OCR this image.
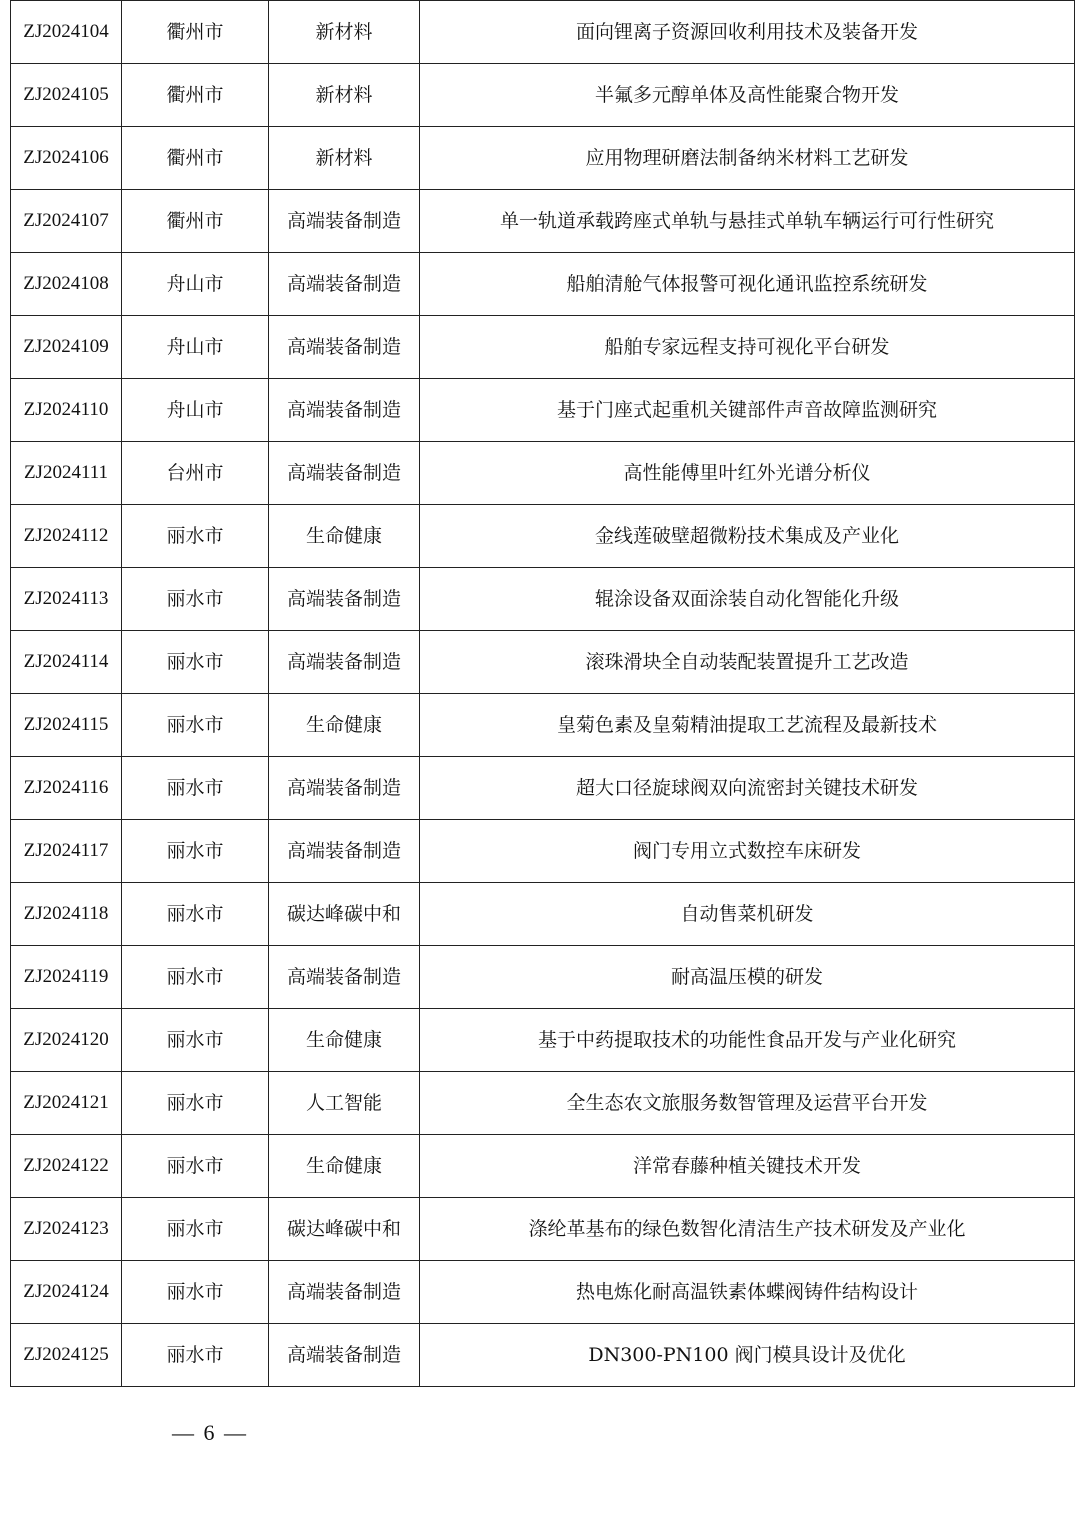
ZJ2024104	衢州市	新材料	面向锂离子资源回收利用技术及装备开发
ZJ2024105	衢州市	新材料	半氟多元醇单体及高性能聚合物开发
ZJ2024106	衢州市	新材料	应用物理研磨法制备纳米材料工艺研发
ZJ2024107	衢州市	高端装备制造	单一轨道承载跨座式单轨与悬挂式单轨车辆运行可行性研究
ZJ2024108	舟山市	高端装备制造	船舶清舱气体报警可视化通讯监控系统研发
ZJ2024109	舟山市	高端装备制造	船舶专家远程支持可视化平台研发
ZJ2024110	舟山市	高端装备制造	基于门座式起重机关键部件声音故障监测研究
ZJ2024111	台州市	高端装备制造	高性能傅里叶红外光谱分析仪
ZJ2024112	丽水市	生命健康	金线莲破壁超微粉技术集成及产业化
ZJ2024113	丽水市	高端装备制造	辊涂设备双面涂装自动化智能化升级
ZJ2024114	丽水市	高端装备制造	滚珠滑块全自动装配装置提升工艺改造
ZJ2024115	丽水市	生命健康	皇菊色素及皇菊精油提取工艺流程及最新技术
ZJ2024116	丽水市	高端装备制造	超大口径旋球阀双向流密封关键技术研发
ZJ2024117	丽水市	高端装备制造	阀门专用立式数控车床研发
ZJ2024118	丽水市	碳达峰碳中和	自动售菜机研发
ZJ2024119	丽水市	高端装备制造	耐高温压模的研发
ZJ2024120	丽水市	生命健康	基于中药提取技术的功能性食品开发与产业化研究
ZJ2024121	丽水市	人工智能	全生态农文旅服务数智管理及运营平台开发
ZJ2024122	丽水市	生命健康	洋常春藤种植关键技术开发
ZJ2024123	丽水市	碳达峰碳中和	涤纶革基布的绿色数智化清洁生产技术研发及产业化
ZJ2024124	丽水市	高端装备制造	热电炼化耐高温铁素体蝶阀铸件结构设计
ZJ2024125	丽水市	高端装备制造	DN300-PN100 阀门模具设计及优化
— 6 —
